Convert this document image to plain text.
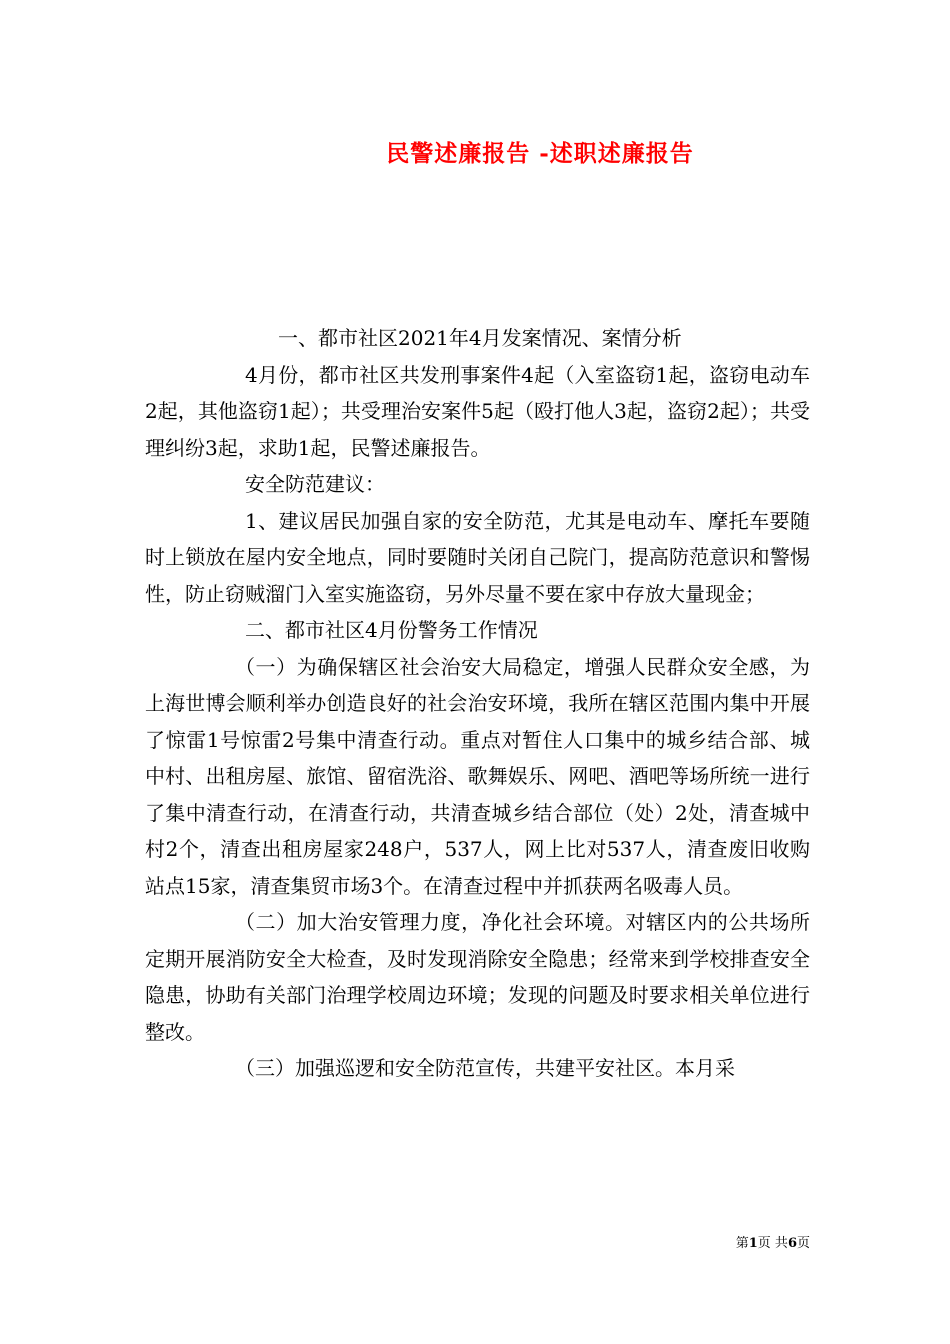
民警述廉报告 -述职述廉报告

一、都市社区2021年4月发案情况、案情分析

4月份，都市社区共发刑事案件4起（入室盗窃1起，盗窃电动车2起，其他盗窃1起）；共受理治安案件5起（殴打他人3起，盗窃2起）；共受理纠纷3起，求助1起，民警述廉报告。

安全防范建议：

1、建议居民加强自家的安全防范，尤其是电动车、摩托车要随时上锁放在屋内安全地点，同时要随时关闭自己院门，提高防范意识和警惕性，防止窃贼溜门入室实施盗窃，另外尽量不要在家中存放大量现金；

二、都市社区4月份警务工作情况

（一）为确保辖区社会治安大局稳定，增强人民群众安全感，为上海世博会顺利举办创造良好的社会治安环境，我所在辖区范围内集中开展了惊雷1号惊雷2号集中清查行动。重点对暂住人口集中的城乡结合部、城中村、出租房屋、旅馆、留宿洗浴、歌舞娱乐、网吧、酒吧等场所统一进行了集中清查行动，在清查行动，共清查城乡结合部位（处）2处，清查城中村2个，清查出租房屋家248户，537人，网上比对537人，清查废旧收购站点15家，清查集贸市场3个。在清查过程中并抓获两名吸毒人员。

（二）加大治安管理力度，净化社会环境。对辖区内的公共场所定期开展消防安全大检查，及时发现消除安全隐患；经常来到学校排查安全隐患，协助有关部门治理学校周边环境；发现的问题及时要求相关单位进行整改。

（三）加强巡逻和安全防范宣传，共建平安社区。本月采

第1页 共6页
